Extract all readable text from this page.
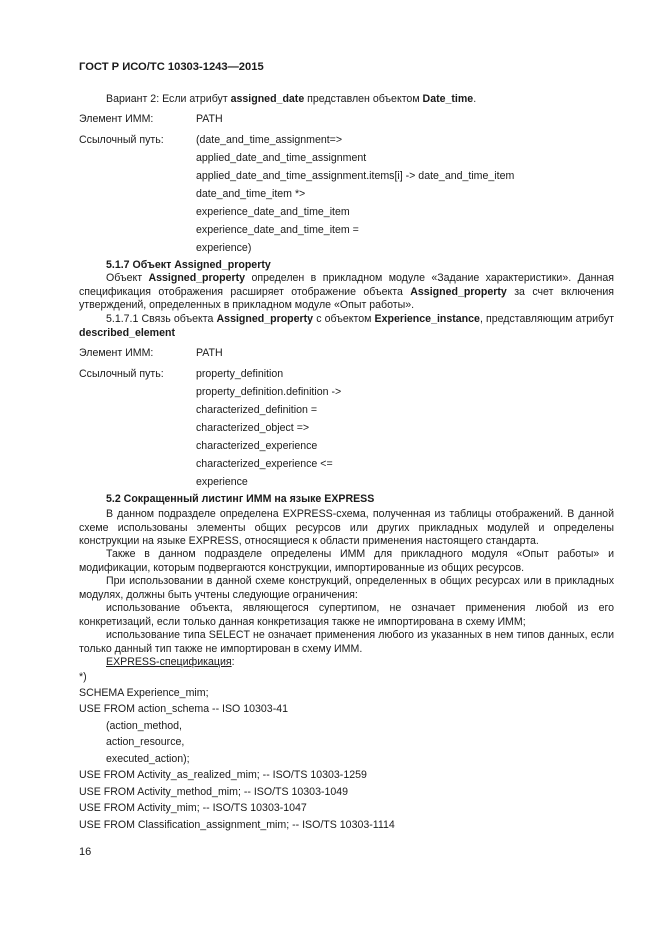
ГОСТ Р ИСО/ТС 10303-1243—2015
Вариант 2: Если атрибут assigned_date представлен объектом Date_time.
Элемент ИММ:	PATH
Ссылочный путь:	(date_and_time_assignment=>
applied_date_and_time_assignment
applied_date_and_time_assignment.items[i] -> date_and_time_item
date_and_time_item *>
experience_date_and_time_item
experience_date_and_time_item =
experience)
5.1.7 Объект Assigned_property

Объект Assigned_property определен в прикладном модуле «Задание характеристики». Данная спецификация отображения расширяет отображение объекта Assigned_property за счет включения утверждений, определенных в прикладном модуле «Опыт работы».

5.1.7.1 Связь объекта Assigned_property с объектом Experience_instance, представляющим атрибут described_element

Элемент ИММ:	PATH
Ссылочный путь:	property_definition
property_definition.definition ->
characterized_definition =
characterized_object =>
characterized_experience
characterized_experience <=
experience
5.2 Сокращенный листинг ИММ на языке EXPRESS

В данном подразделе определена EXPRESS-схема, полученная из таблицы отображений. В данной схеме использованы элементы общих ресурсов или других прикладных модулей и определены конструкции на языке EXPRESS, относящиеся к области применения настоящего стандарта.

Также в данном подразделе определены ИММ для прикладного модуля «Опыт работы» и модификации, которым подвергаются конструкции, импортированные из общих ресурсов.

При использовании в данной схеме конструкций, определенных в общих ресурсах или в прикладных модулях, должны быть учтены следующие ограничения:

использование объекта, являющегося супертипом, не означает применения любой из его конкретизаций, если только данная конкретизация также не импортирована в схему ИММ;

использование типа SELECT не означает применения любого из указанных в нем типов данных, если только данный тип также не импортирован в схему ИММ.

EXPRESS-спецификация:
*)
SCHEMA Experience_mim;
USE FROM action_schema -- ISO 10303-41
(action_method,
action_resource,
executed_action);
USE FROM Activity_as_realized_mim; -- ISO/TS 10303-1259
USE FROM Activity_method_mim; -- ISO/TS 10303-1049
USE FROM Activity_mim; -- ISO/TS 10303-1047
USE FROM Classification_assignment_mim; -- ISO/TS 10303-1114
16
